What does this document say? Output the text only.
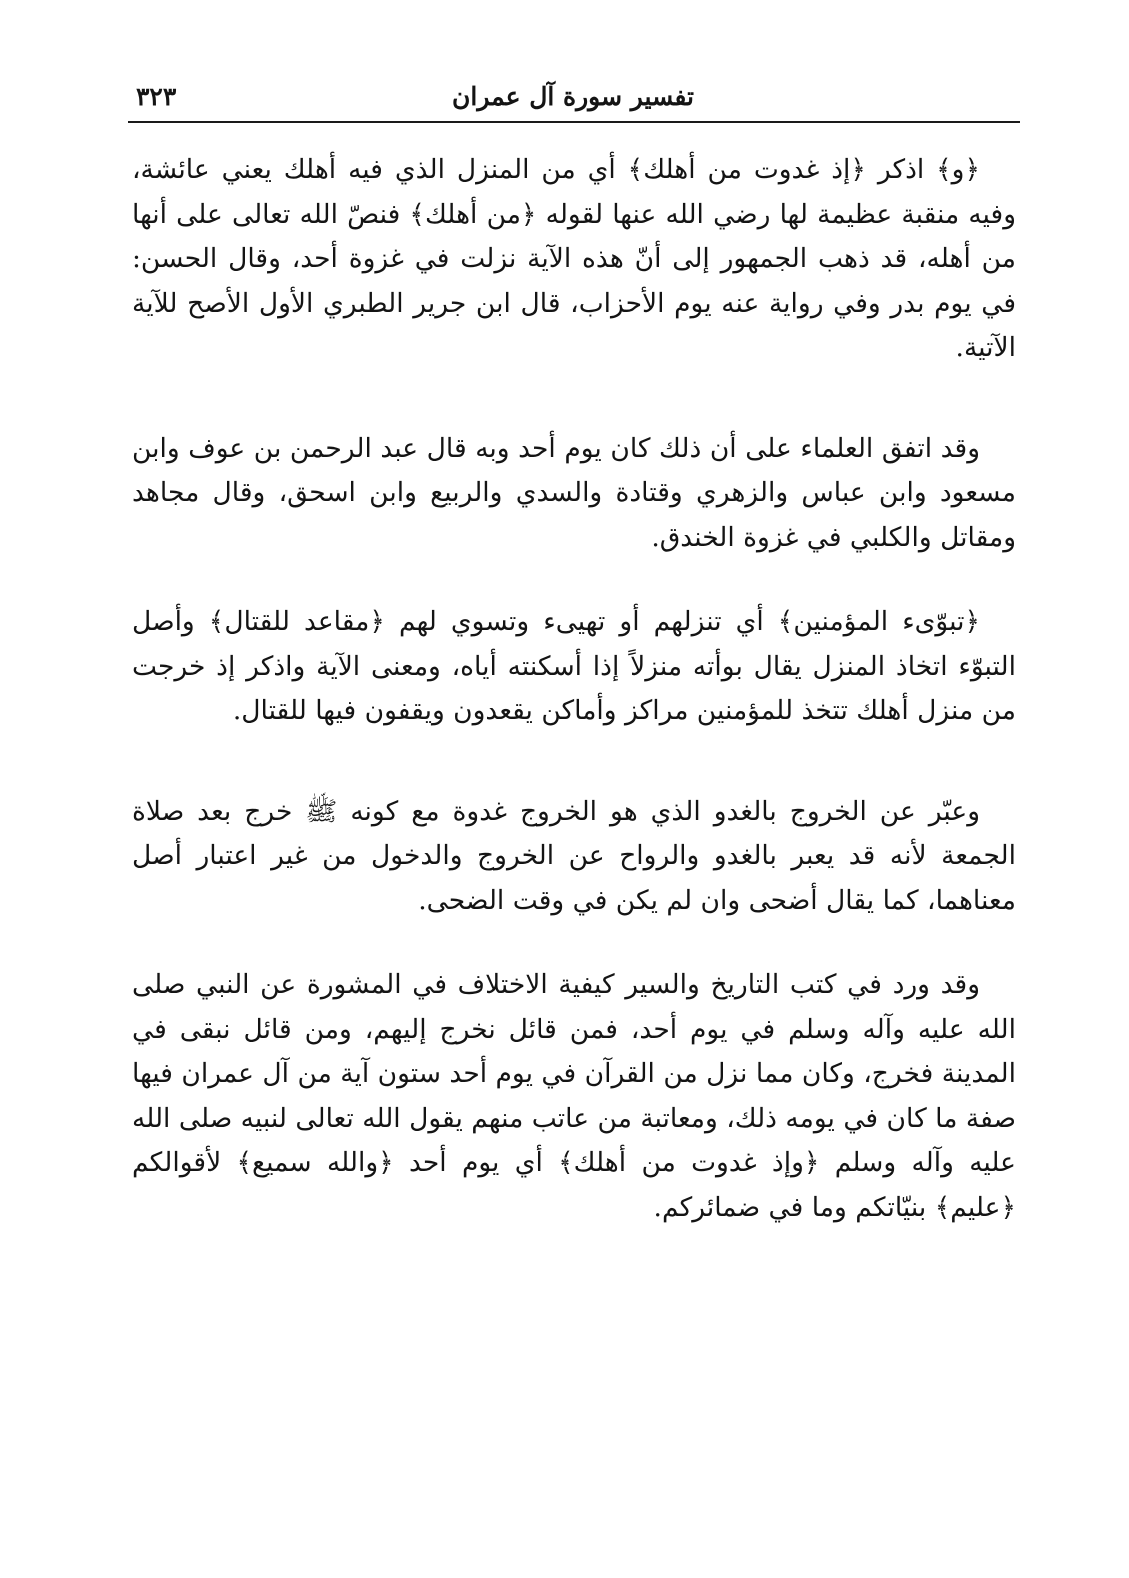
تفسير سورة آل عمران
٣٢٣

﴿و﴾ اذكر ﴿إذ غدوت من أهلك﴾ أي من المنزل الذي فيه أهلك يعني عائشة، وفيه منقبة عظيمة لها رضي الله عنها لقوله ﴿من أهلك﴾ فنصّ الله تعالى على أنها من أهله، قد ذهب الجمهور إلى أنّ هذه الآية نزلت في غزوة أحد، وقال الحسن: في يوم بدر وفي رواية عنه يوم الأحزاب، قال ابن جرير الطبري الأول الأصح للآية الآتية.

وقد اتفق العلماء على أن ذلك كان يوم أحد وبه قال عبد الرحمن بن عوف وابن مسعود وابن عباس والزهري وقتادة والسدي والربيع وابن اسحق، وقال مجاهد ومقاتل والكلبي في غزوة الخندق.

﴿تبوّىء المؤمنين﴾ أي تنزلهم أو تهيىء وتسوي لهم ﴿مقاعد للقتال﴾ وأصل التبوّء اتخاذ المنزل يقال بوأته منزلاً إذا أسكنته أياه، ومعنى الآية واذكر إذ خرجت من منزل أهلك تتخذ للمؤمنين مراكز وأماكن يقعدون ويقفون فيها للقتال.

وعبّر عن الخروج بالغدو الذي هو الخروج غدوة مع كونه ﷺ خرج بعد صلاة الجمعة لأنه قد يعبر بالغدو والرواح عن الخروج والدخول من غير اعتبار أصل معناهما، كما يقال أضحى وان لم يكن في وقت الضحى.

وقد ورد في كتب التاريخ والسير كيفية الاختلاف في المشورة عن النبي صلى الله عليه وآله وسلم في يوم أحد، فمن قائل نخرج إليهم، ومن قائل نبقى في المدينة فخرج، وكان مما نزل من القرآن في يوم أحد ستون آية من آل عمران فيها صفة ما كان في يومه ذلك، ومعاتبة من عاتب منهم يقول الله تعالى لنبيه صلى الله عليه وآله وسلم ﴿وإذ غدوت من أهلك﴾ أي يوم أحد ﴿والله سميع﴾ لأقوالكم ﴿عليم﴾ بنيّاتكم وما في ضمائركم.
